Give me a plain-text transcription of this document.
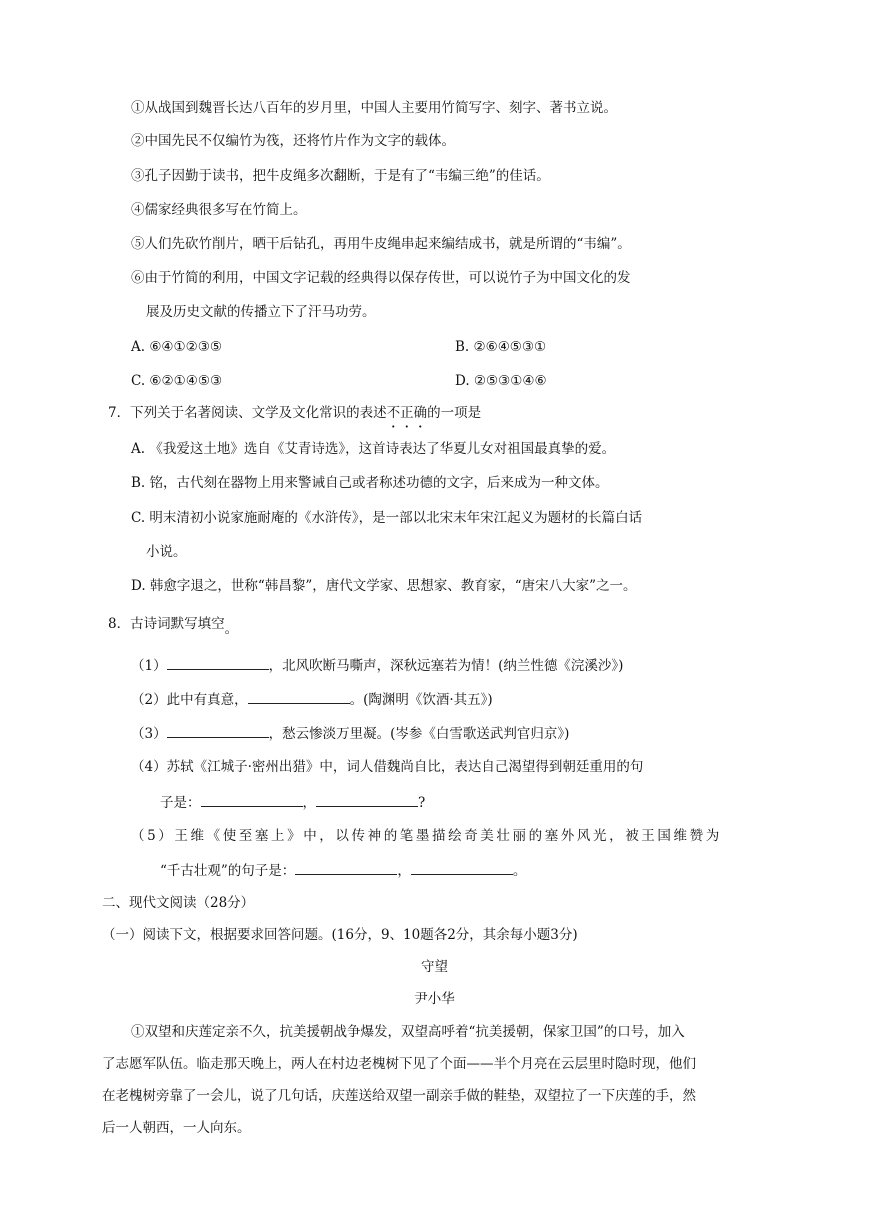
①从战国到魏晋长达八百年的岁月里，中国人主要用竹简写字、刻字、著书立说。
②中国先民不仅编竹为筏，还将竹片作为文字的载体。
③孔子因勤于读书，把牛皮绳多次翻断，于是有了“韦编三绝”的佳话。
④儒家经典很多写在竹简上。
⑤人们先砍竹削片，晒干后钻孔，再用牛皮绳串起来编结成书，就是所谓的“韦编”。
⑥由于竹简的利用，中国文字记载的经典得以保存传世，可以说竹子为中国文化的发
展及历史文献的传播立下了汗马功劳。
A. ⑥④①②③⑤	B. ②⑥④⑤③①
C. ⑥②①④⑤③	D. ②⑤③①④⑥
7．下列关于名著阅读、文学及文化常识的表述不正确的一项是
A. 《我爱这土地》选自《艾青诗选》，这首诗表达了华夏儿女对祖国最真挚的爱。
B. 铭，古代刻在器物上用来警诫自己或者称述功德的文字，后来成为一种文体。
C. 明末清初小说家施耐庵的《水浒传》，是一部以北宋末年宋江起义为题材的长篇白话
小说。
D. 韩愈字退之，世称“韩昌黎”，唐代文学家、思想家、教育家，“唐宋八大家”之一。
8．古诗词默写填空。
（1）	，北风吹断马嘶声，深秋远塞若为情！(纳兰性德《浣溪沙》)
（2）此中有真意，	。(陶渊明《饮酒·其五》)
（3）	，愁云惨淡万里凝。(岑参《白雪歌送武判官归京》)
（4）苏轼《江城子·密州出猎》中，词人借魏尚自比，表达自己渴望得到朝廷重用的句
子是：	，	?
（5）王维《使至塞上》中，以传神的笔墨描绘奇美壮丽的塞外风光，被王国维赞为
“千古壮观”的句子是：	，	。
二、现代文阅读（28分）
（一）阅读下文，根据要求回答问题。(16分，9、10题各2分，其余每小题3分)
守望
尹小华
①双望和庆莲定亲不久，抗美援朝战争爆发，双望高呼着“抗美援朝，保家卫国”的口号，加入
了志愿军队伍。临走那天晚上，两人在村边老槐树下见了个面——半个月亮在云层里时隐时现，他们
在老槐树旁靠了一会儿，说了几句话，庆莲送给双望一副亲手做的鞋垫，双望拉了一下庆莲的手，然
后一人朝西，一人向东。
